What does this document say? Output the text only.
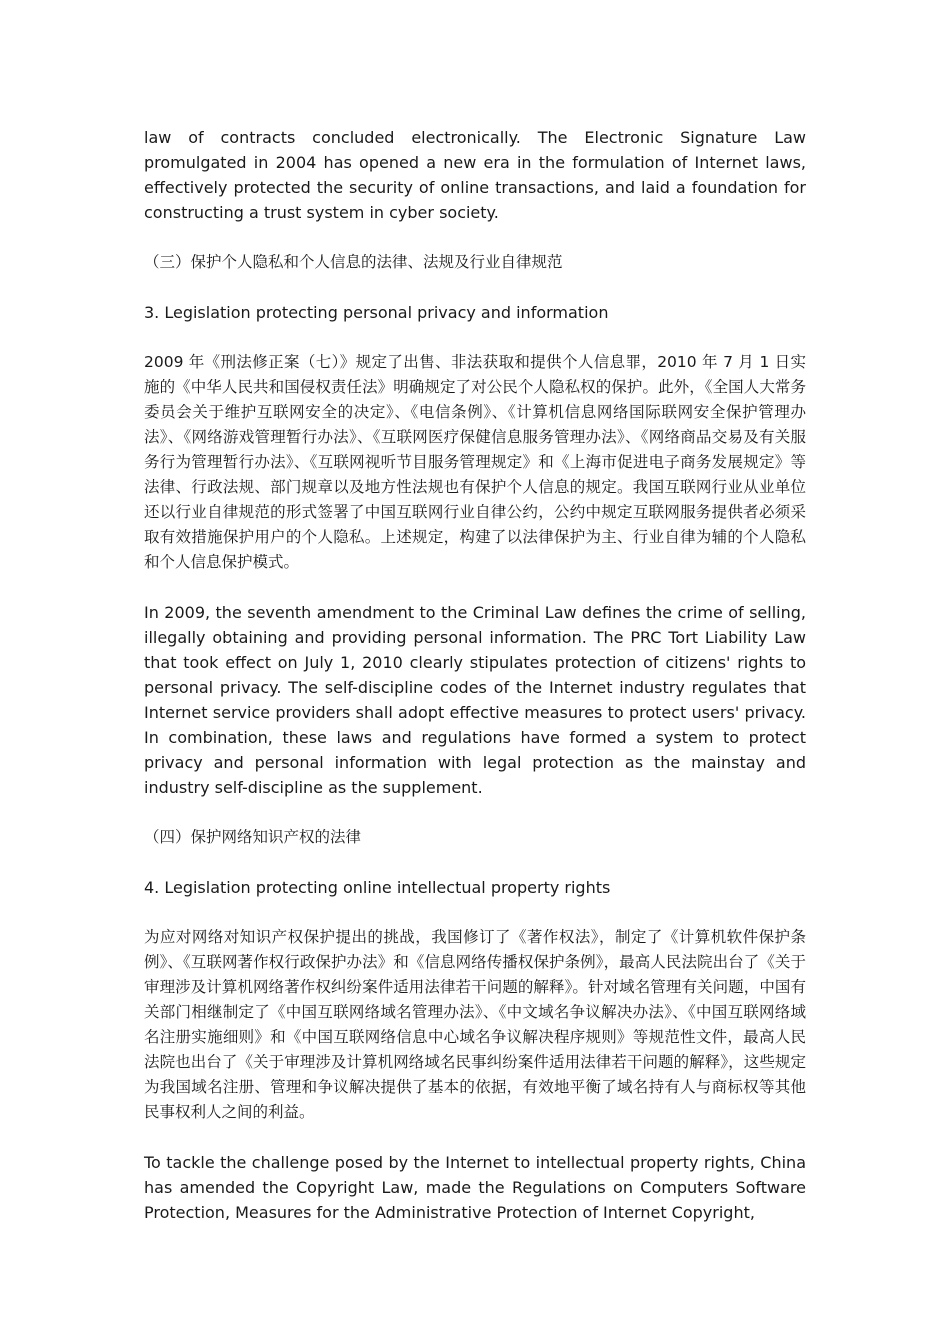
law of contracts concluded electronically. The Electronic Signature Law promulgated in 2004 has opened a new era in the formulation of Internet laws, effectively protected the security of online transactions, and laid a foundation for constructing a trust system in cyber society.

（三）保护个人隐私和个人信息的法律、法规及行业自律规范

3. Legislation protecting personal privacy and information

2009 年《刑法修正案（七）》规定了出售、非法获取和提供个人信息罪，2010 年 7 月 1 日实施的《中华人民共和国侵权责任法》明确规定了对公民个人隐私权的保护。此外，《全国人大常务委员会关于维护互联网安全的决定》、《电信条例》、《计算机信息网络国际联网安全保护管理办法》、《网络游戏管理暂行办法》、《互联网医疗保健信息服务管理办法》、《网络商品交易及有关服务行为管理暂行办法》、《互联网视听节目服务管理规定》和《上海市促进电子商务发展规定》等法律、行政法规、部门规章以及地方性法规也有保护个人信息的规定。我国互联网行业从业单位还以行业自律规范的形式签署了中国互联网行业自律公约，公约中规定互联网服务提供者必须采取有效措施保护用户的个人隐私。上述规定，构建了以法律保护为主、行业自律为辅的个人隐私和个人信息保护模式。

In 2009, the seventh amendment to the Criminal Law defines the crime of selling, illegally obtaining and providing personal information. The PRC Tort Liability Law that took effect on July 1, 2010 clearly stipulates protection of citizens' rights to personal privacy. The self-discipline codes of the Internet industry regulates that Internet service providers shall adopt effective measures to protect users' privacy. In combination, these laws and regulations have formed a system to protect privacy and personal information with legal protection as the mainstay and industry self-discipline as the supplement.

（四）保护网络知识产权的法律

4. Legislation protecting online intellectual property rights

为应对网络对知识产权保护提出的挑战，我国修订了《著作权法》，制定了《计算机软件保护条例》、《互联网著作权行政保护办法》和《信息网络传播权保护条例》，最高人民法院出台了《关于审理涉及计算机网络著作权纠纷案件适用法律若干问题的解释》。针对域名管理有关问题，中国有关部门相继制定了《中国互联网络域名管理办法》、《中文域名争议解决办法》、《中国互联网络域名注册实施细则》和《中国互联网络信息中心域名争议解决程序规则》等规范性文件，最高人民法院也出台了《关于审理涉及计算机网络域名民事纠纷案件适用法律若干问题的解释》，这些规定为我国域名注册、管理和争议解决提供了基本的依据，有效地平衡了域名持有人与商标权等其他民事权利人之间的利益。

To tackle the challenge posed by the Internet to intellectual property rights, China has amended the Copyright Law, made the Regulations on Computers Software Protection, Measures for the Administrative Protection of Internet Copyright,
